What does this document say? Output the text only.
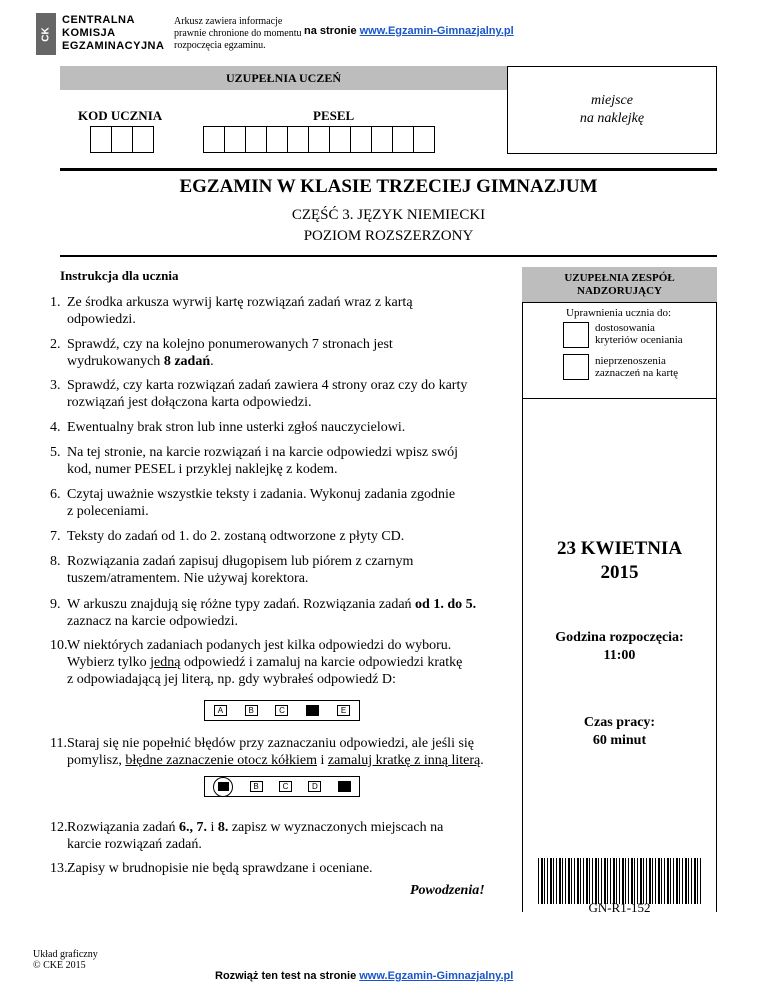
CK
CENTRALNA
KOMISJA
EGZAMINACYJNA
Arkusz zawiera informacje
prawnie chronione do momentu
rozpoczęcia egzaminu.
na stronie www.Egzamin-Gimnazjalny.pl
UZUPEŁNIA UCZEŃ
KOD UCZNIA	PESEL
miejsce
na naklejkę
EGZAMIN W KLASIE TRZECIEJ GIMNAZJUM
CZĘŚĆ 3. JĘZYK NIEMIECKI
POZIOM ROZSZERZONY
Instrukcja dla ucznia
1. Ze środka arkusza wyrwij kartę rozwiązań zadań wraz z kartą
odpowiedzi.
2. Sprawdź, czy na kolejno ponumerowanych 7 stronach jest
wydrukowanych 8 zadań.
3. Sprawdź, czy karta rozwiązań zadań zawiera 4 strony oraz czy do karty
rozwiązań jest dołączona karta odpowiedzi.
4. Ewentualny brak stron lub inne usterki zgłoś nauczycielowi.
5. Na tej stronie, na karcie rozwiązań i na karcie odpowiedzi wpisz swój
kod, numer PESEL i przyklej naklejkę z kodem.
6. Czytaj uważnie wszystkie teksty i zadania. Wykonuj zadania zgodnie
z poleceniami.
7. Teksty do zadań od 1. do 2. zostaną odtworzone z płyty CD.
8. Rozwiązania zadań zapisuj długopisem lub piórem z czarnym
tuszem/atramentem. Nie używaj korektora.
9. W arkuszu znajdują się różne typy zadań. Rozwiązania zadań od 1. do 5.
zaznacz na karcie odpowiedzi.
10.W niektórych zadaniach podanych jest kilka odpowiedzi do wyboru.
Wybierz tylko jedną odpowiedź i zamaluj na karcie odpowiedzi kratkę
z odpowiadającą jej literą, np. gdy wybrałeś odpowiedź D:
A	B	C	E
11.Staraj się nie popełnić błędów przy zaznaczaniu odpowiedzi, ale jeśli się
pomylisz, błędne zaznaczenie otocz kółkiem i zamaluj kratkę z inną literą.
B	C	D
12.Rozwiązania zadań 6., 7. i 8. zapisz w wyznaczonych miejscach na
karcie rozwiązań zadań.
13.Zapisy w brudnopisie nie będą sprawdzane i oceniane.
Powodzenia!
UZUPEŁNIA ZESPÓŁ
NADZORUJĄCY
Uprawnienia ucznia do:
dostosowania
kryteriów oceniania
nieprzenoszenia
zaznaczeń na kartę
23 KWIETNIA
2015
Godzina rozpoczęcia:
11:00
Czas pracy:
60 minut
GN-R1-152
Układ graficzny
© CKE 2015
Rozwiąż ten test na stronie www.Egzamin-Gimnazjalny.pl
